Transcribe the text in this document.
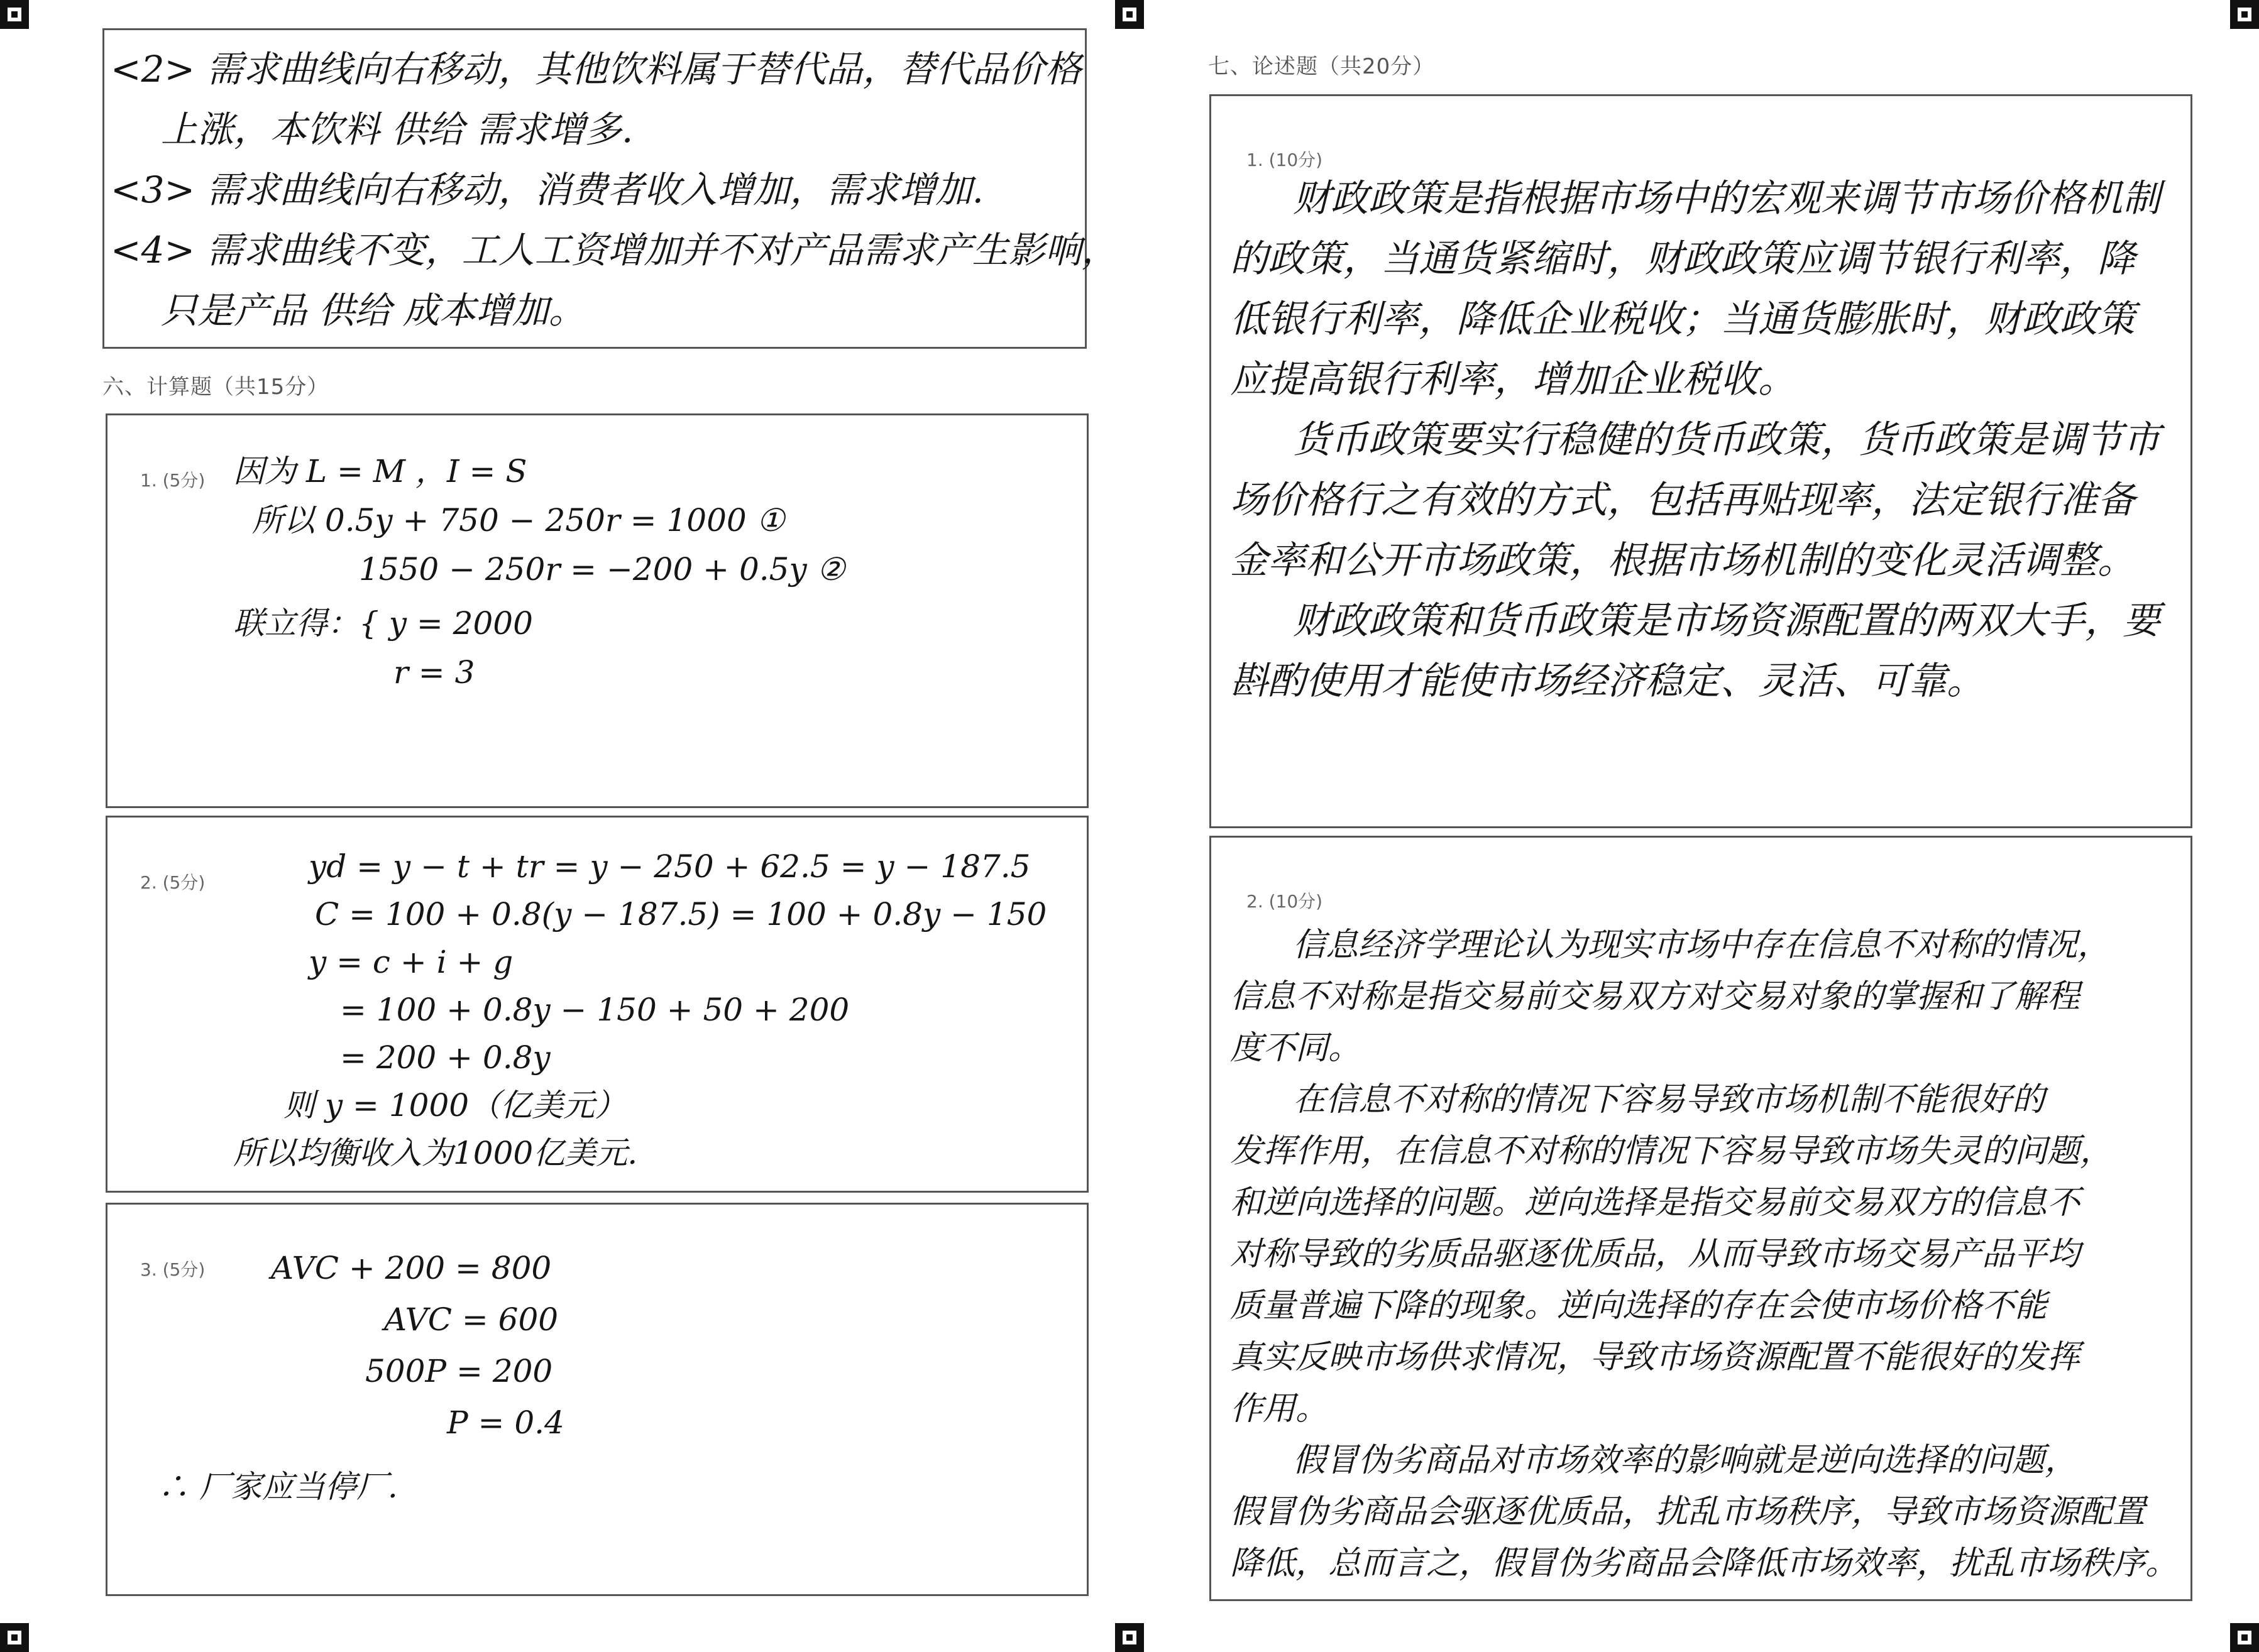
<2> 需求曲线向右移动，其他饮料属于替代品，替代品价格
上涨，本饮料 供给 需求增多.
<3> 需求曲线向右移动，消费者收入增加，需求增加.
<4> 需求曲线不变，工人工资增加并不对产品需求产生影响，
只是产品 供给 成本增加。
六、计算题（共15分）
1. (5分) 因为 L = M ，I = S
所以 0.5y + 750 − 250r = 1000 ①
1550 − 250r = −200 + 0.5y ②
联立得：{ y = 2000
r = 3
2. (5分)	yd = y − t + tr = y − 250 + 62.5 = y − 187.5
C = 100 + 0.8(y − 187.5) = 100 + 0.8y − 150
y = c + i + g
= 100 + 0.8y − 150 + 50 + 200
= 200 + 0.8y
则 y = 1000（亿美元）
所以均衡收入为1000亿美元.
3. (5分)	AVC + 200 = 800
AVC = 600
500P = 200
P = 0.4
∴ 厂家应当停厂.
七、论述题（共20分）
1. (10分)
财政政策是指根据市场中的宏观来调节市场价格机制
的政策，当通货紧缩时，财政政策应调节银行利率，降
低银行利率，降低企业税收；当通货膨胀时，财政政策
应提高银行利率，增加企业税收。
货币政策要实行稳健的货币政策，货币政策是调节市
场价格行之有效的方式，包括再贴现率，法定银行准备
金率和公开市场政策，根据市场机制的变化灵活调整。
财政政策和货币政策是市场资源配置的两双大手，要
斟酌使用才能使市场经济稳定、灵活、可靠。
2. (10分)
信息经济学理论认为现实市场中存在信息不对称的情况，
信息不对称是指交易前交易双方对交易对象的掌握和了解程
度不同。
在信息不对称的情况下容易导致市场机制不能很好的
发挥作用，在信息不对称的情况下容易导致市场失灵的问题，
和逆向选择的问题。逆向选择是指交易前交易双方的信息不
对称导致的劣质品驱逐优质品，从而导致市场交易产品平均
质量普遍下降的现象。逆向选择的存在会使市场价格不能
真实反映市场供求情况，导致市场资源配置不能很好的发挥
作用。
假冒伪劣商品对市场效率的影响就是逆向选择的问题，
假冒伪劣商品会驱逐优质品，扰乱市场秩序，导致市场资源配置
降低，总而言之，假冒伪劣商品会降低市场效率，扰乱市场秩序。
